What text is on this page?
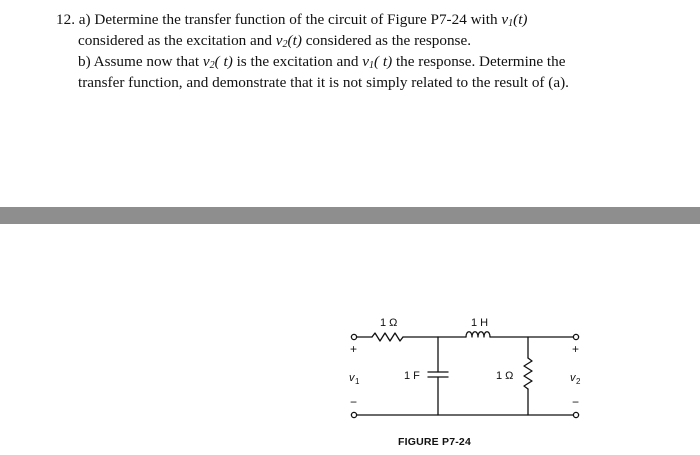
12. a) Determine the transfer function of the circuit of Figure P7-24 with $v_1(t)$
considered as the excitation and $v_2(t)$ considered as the response.
b) Assume now that $v_2$( t) is the excitation and $v_1$( t) the response. Determine the
transfer function, and demonstrate that it is not simply related to the result of (a).
1 Ω	1 H
1 F	1 Ω
+
v 1
−
+
v 2
−
FIGURE P7-24
